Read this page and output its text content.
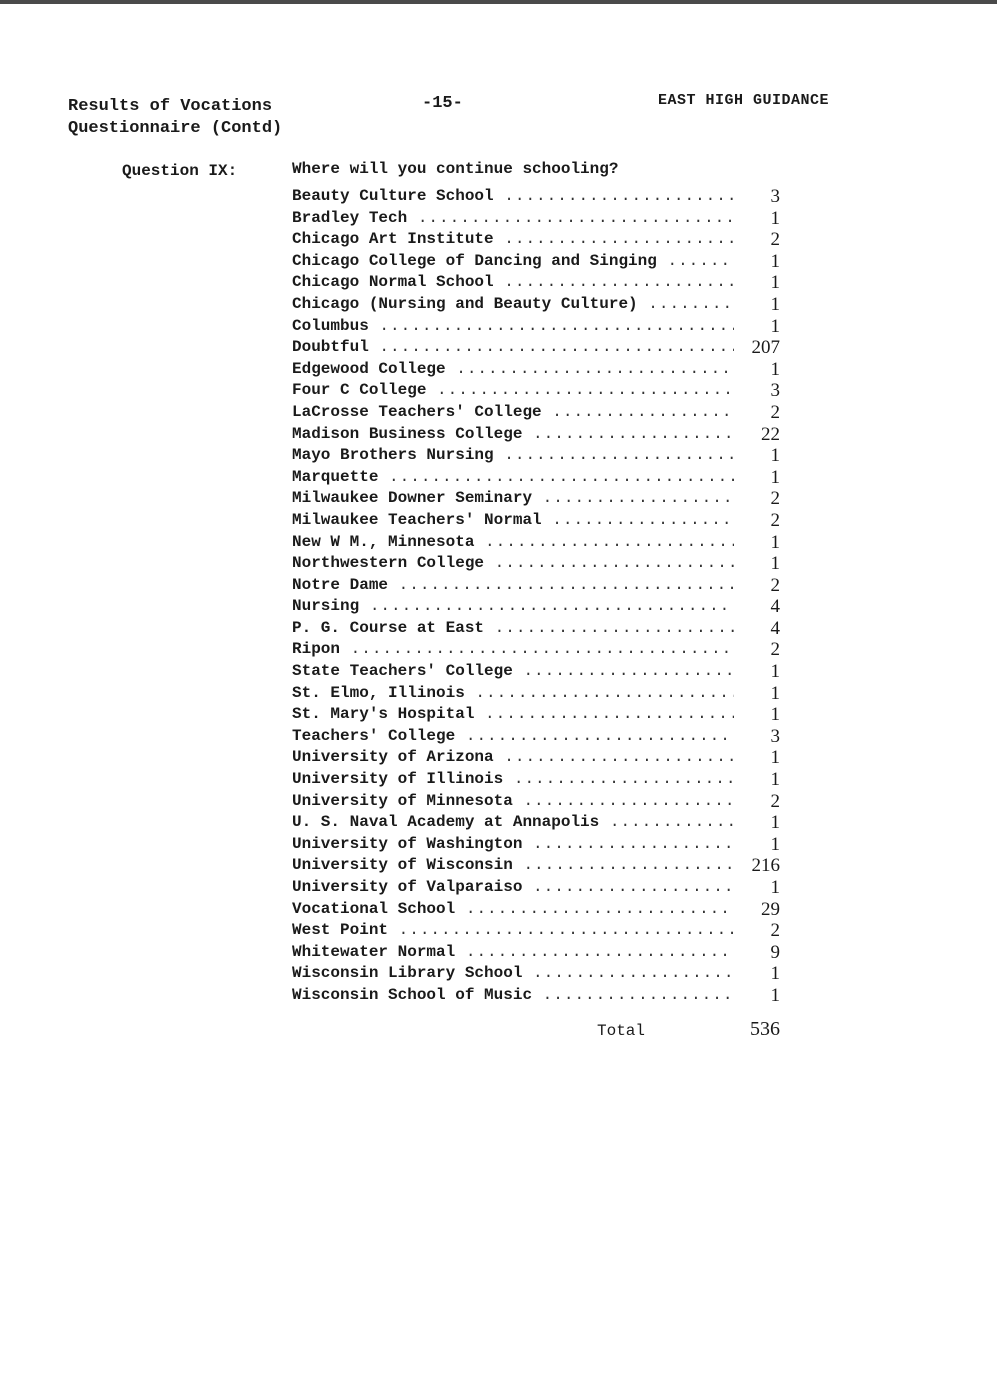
Results of Vocations
Questionnaire (Contd)
-15-	EAST HIGH GUIDANCE
Question IX:	Where will you continue schooling?
Beauty Culture School .....	3
Bradley Tech .....	1
Chicago Art Institute .....	2
Chicago College of Dancing and Singing .....	1
Chicago Normal School .....	1
Chicago (Nursing and Beauty Culture) .....	1
Columbus .....	1
Doubtful .....	207
Edgewood College .....	1
Four C College .....	3
LaCrosse Teachers' College .....	2
Madison Business College .....	22
Mayo Brothers Nursing .....	1
Marquette .....	1
Milwaukee Downer Seminary .....	2
Milwaukee Teachers' Normal .....	2
New W M., Minnesota .....	1
Northwestern College .....	1
Notre Dame .....	2
Nursing .....	4
P. G. Course at East .....	4
Ripon .....	2
State Teachers' College .....	1
St. Elmo, Illinois .....	1
St. Mary's Hospital .....	1
Teachers' College .....	3
University of Arizona .....	1
University of Illinois .....	1
University of Minnesota .....	2
U. S. Naval Academy at Annapolis .....	1
University of Washington .....	1
University of Wisconsin .....	216
University of Valparaiso .....	1
Vocational School .....	29
West Point .....	2
Whitewater Normal .....	9
Wisconsin Library School .....	1
Wisconsin School of Music .....	1
Total	536
